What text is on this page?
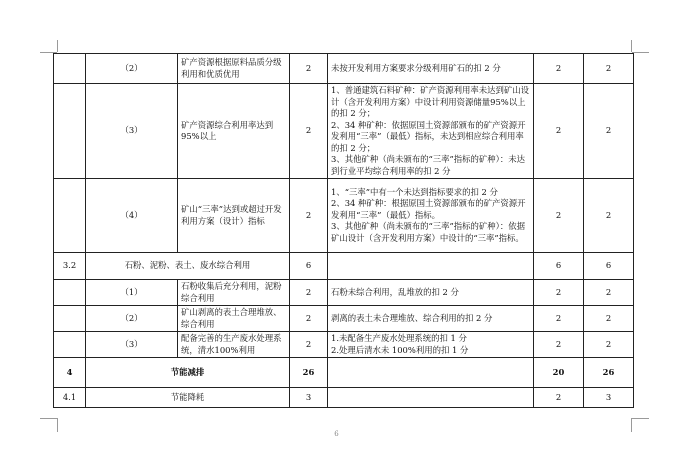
	（2）	矿产资源根据原料品质分级利用和优质优用	2	未按开发利用方案要求分级利用矿石的扣 2 分	2	2
	（3）	矿产资源综合利用率达到95%以上	2	1、普通建筑石料矿种：矿产资源利用率未达到矿山设计（含开发利用方案）中设计利用资源储量95%以上的扣 2 分；
2、34 种矿种：依据原国土资源部颁布的矿产资源开发利用“三率”（最低）指标，未达到相应综合利用率的扣 2 分；
3、其他矿种（尚未颁布的“三率”指标的矿种）：未达到行业平均综合利用率的扣 2 分	2	2
	（4）	矿山“三率”达到或超过开发利用方案（设计）指标	2	1、“三率”中有一个未达到指标要求的扣 2 分
2、34 种矿种：根据原国土资源部颁布的矿产资源开发利用“三率”（最低）指标。
3、其他矿种（尚未颁布的“三率”指标的矿种）：依据矿山设计（含开发利用方案）中设计的“三率”指标。	2	2
3.2	石粉、泥粉、表土、废水综合利用		6		6	6
	（1）	石粉收集后充分利用，泥粉综合利用	2	石粉未综合利用，乱堆放的扣 2 分	2	2
	（2）	矿山剥离的表土合理堆放、综合利用	2	剥离的表土未合理堆放、综合利用的扣 2 分	2	2
	（3）	配备完善的生产废水处理系统，清水100%利用	2	1.未配备生产废水处理系统的扣 1 分
2.处理后清水未 100%利用的扣 1 分	2	2
4	节能减排		26		20	26
4.1	节能降耗		3		2	3
6
